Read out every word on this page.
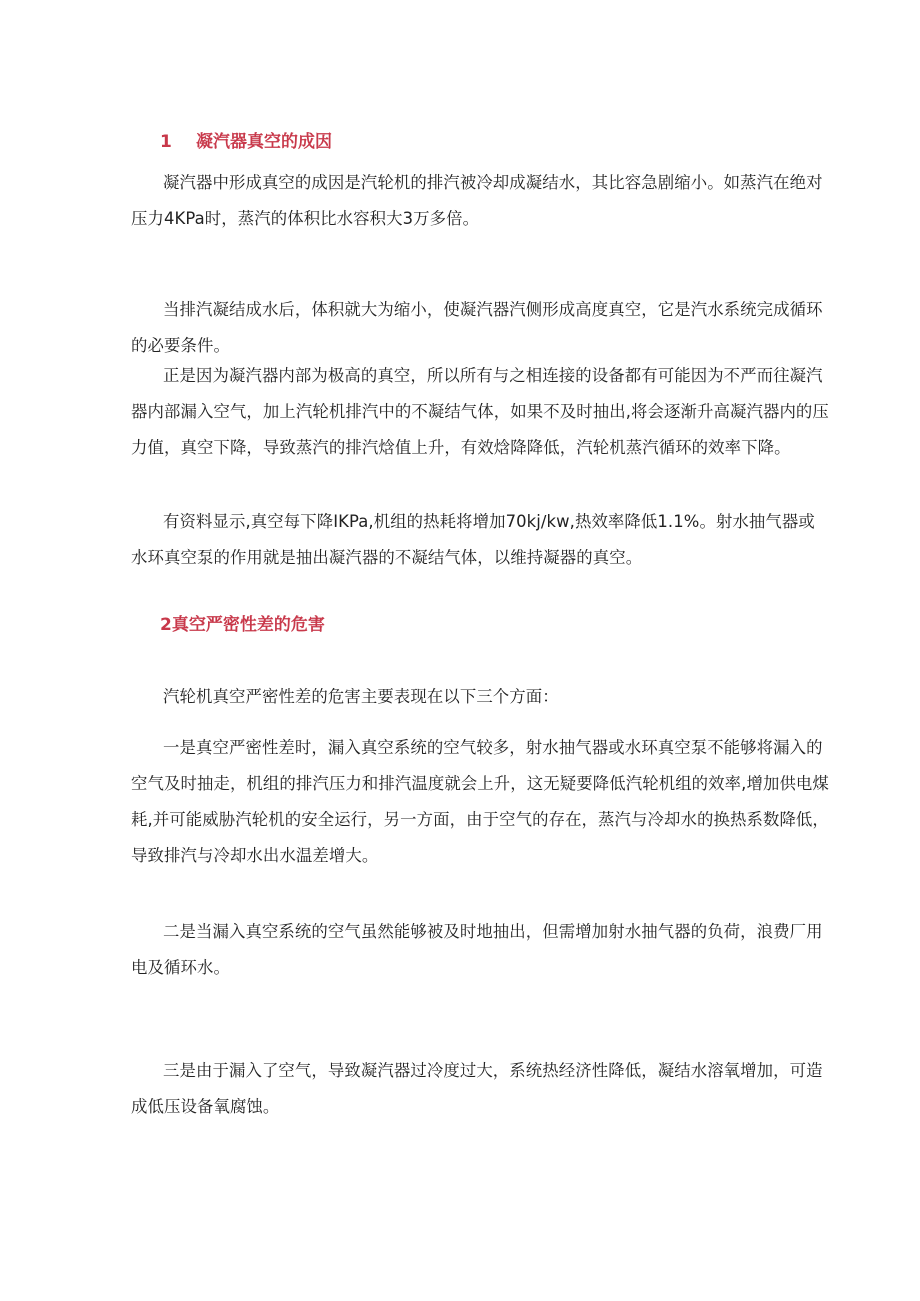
1 凝汽器真空的成因

凝汽器中形成真空的成因是汽轮机的排汽被冷却成凝结水，其比容急剧缩小。如蒸汽在绝对压力4KPa时，蒸汽的体积比水容积大3万多倍。

当排汽凝结成水后，体积就大为缩小，使凝汽器汽侧形成高度真空，它是汽水系统完成循环的必要条件。

正是因为凝汽器内部为极高的真空，所以所有与之相连接的设备都有可能因为不严而往凝汽器内部漏入空气，加上汽轮机排汽中的不凝结气体，如果不及时抽出,将会逐渐升高凝汽器内的压力值，真空下降，导致蒸汽的排汽焓值上升，有效焓降降低，汽轮机蒸汽循环的效率下降。

有资料显示,真空每下降IKPa,机组的热耗将增加70kj∕kw,热效率降低1.1%。射水抽气器或水环真空泵的作用就是抽出凝汽器的不凝结气体，以维持凝器的真空。

2真空严密性差的危害

汽轮机真空严密性差的危害主要表现在以下三个方面：

一是真空严密性差时，漏入真空系统的空气较多，射水抽气器或水环真空泵不能够将漏入的空气及时抽走，机组的排汽压力和排汽温度就会上升，这无疑要降低汽轮机组的效率,增加供电煤耗,并可能威胁汽轮机的安全运行，另一方面，由于空气的存在，蒸汽与冷却水的换热系数降低，导致排汽与冷却水出水温差增大。

二是当漏入真空系统的空气虽然能够被及时地抽出，但需增加射水抽气器的负荷，浪费厂用电及循环水。

三是由于漏入了空气，导致凝汽器过冷度过大，系统热经济性降低，凝结水溶氧增加，可造成低压设备氧腐蚀。
